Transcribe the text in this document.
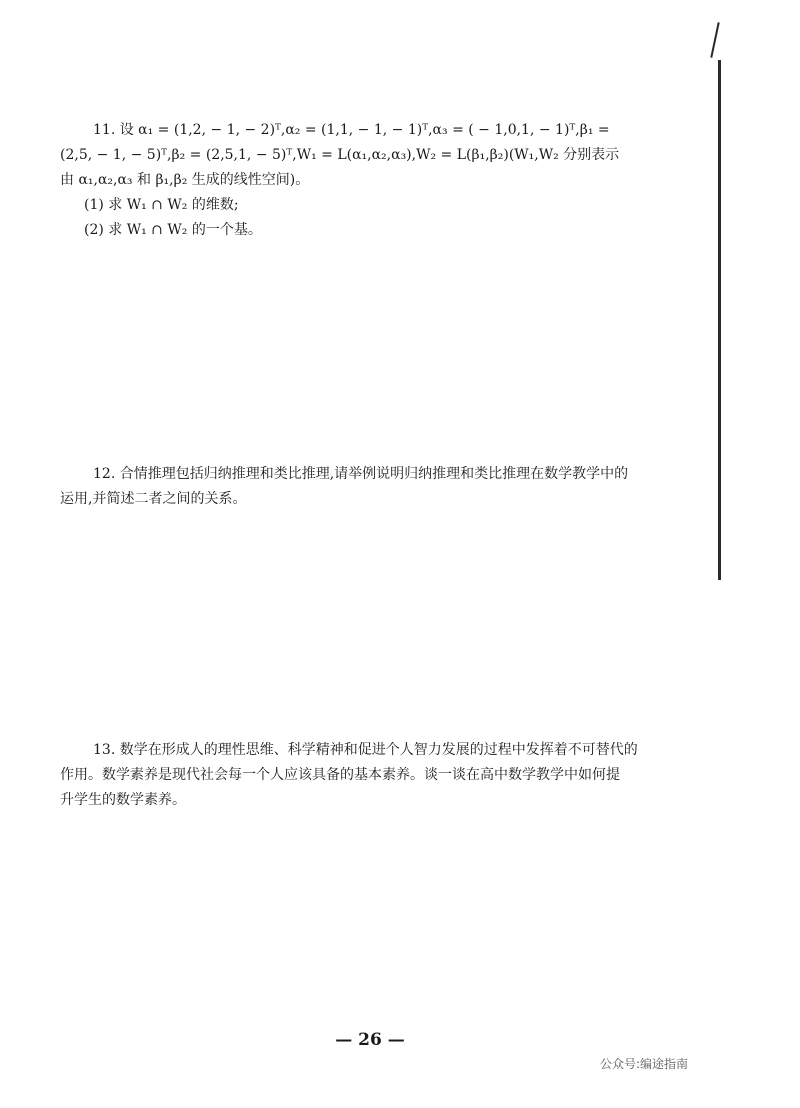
11. 设 α₁ = (1,2, − 1, − 2)ᵀ,α₂ = (1,1, − 1, − 1)ᵀ,α₃ = ( − 1,0,1, − 1)ᵀ,β₁ =
(2,5, − 1, − 5)ᵀ,β₂ = (2,5,1, − 5)ᵀ,W₁ = L(α₁,α₂,α₃),W₂ = L(β₁,β₂)(W₁,W₂ 分别表示
由 α₁,α₂,α₃ 和 β₁,β₂ 生成的线性空间)。
(1) 求 W₁ ∩ W₂ 的维数;
(2) 求 W₁ ∩ W₂ 的一个基。
12. 合情推理包括归纳推理和类比推理,请举例说明归纳推理和类比推理在数学教学中的
运用,并简述二者之间的关系。
13. 数学在形成人的理性思维、科学精神和促进个人智力发展的过程中发挥着不可替代的
作用。数学素养是现代社会每一个人应该具备的基本素养。谈一谈在高中数学教学中如何提
升学生的数学素养。
— 26 —
公众号:编途指南
